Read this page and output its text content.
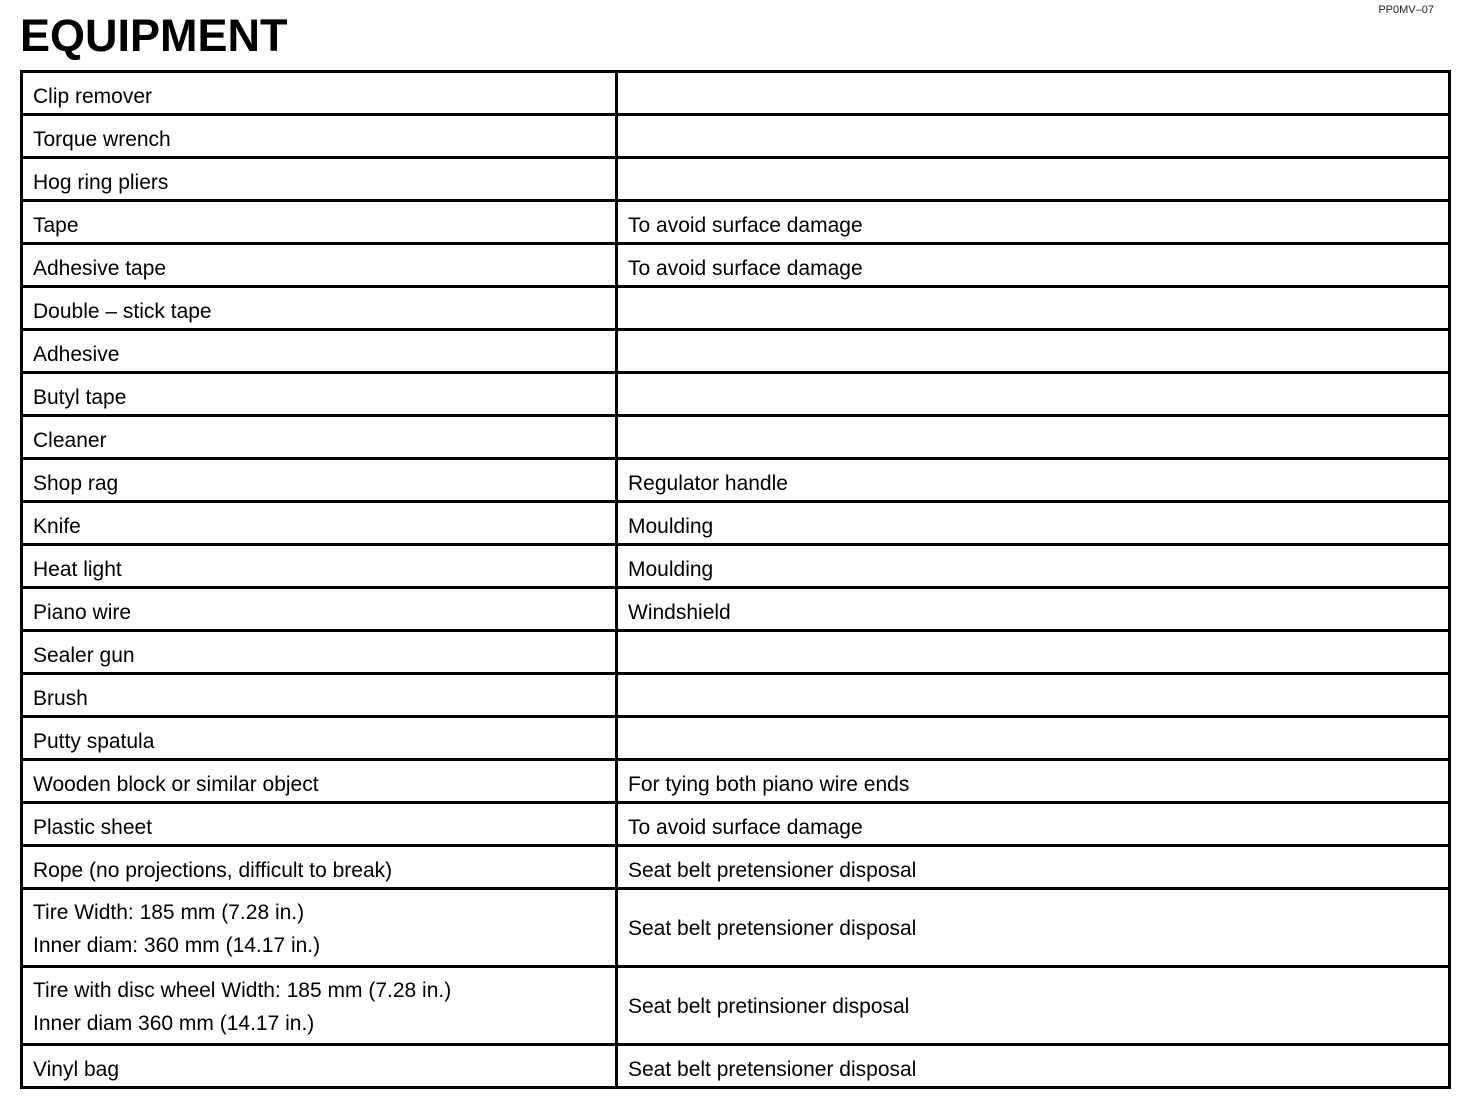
PP0MV–07
EQUIPMENT
Clip remover	

Torque wrench	

Hog ring pliers	

Tape	To avoid surface damage

Adhesive tape	To avoid surface damage

Double – stick tape	

Adhesive	

Butyl tape	

Cleaner	

Shop rag	Regulator handle

Knife	Moulding

Heat light	Moulding

Piano wire	Windshield

Sealer gun	

Brush	

Putty spatula	

Wooden block or similar object	For tying both piano wire ends

Plastic sheet	To avoid surface damage

Rope (no projections, difficult to break)	Seat belt pretensioner disposal

Tire Width: 185 mm (7.28 in.)
Inner diam: 360 mm (14.17 in.)	Seat belt pretensioner disposal

Tire with disc wheel Width: 185 mm (7.28 in.)
Inner diam 360 mm (14.17 in.)	Seat belt pretinsioner disposal

Vinyl bag	Seat belt pretensioner disposal
